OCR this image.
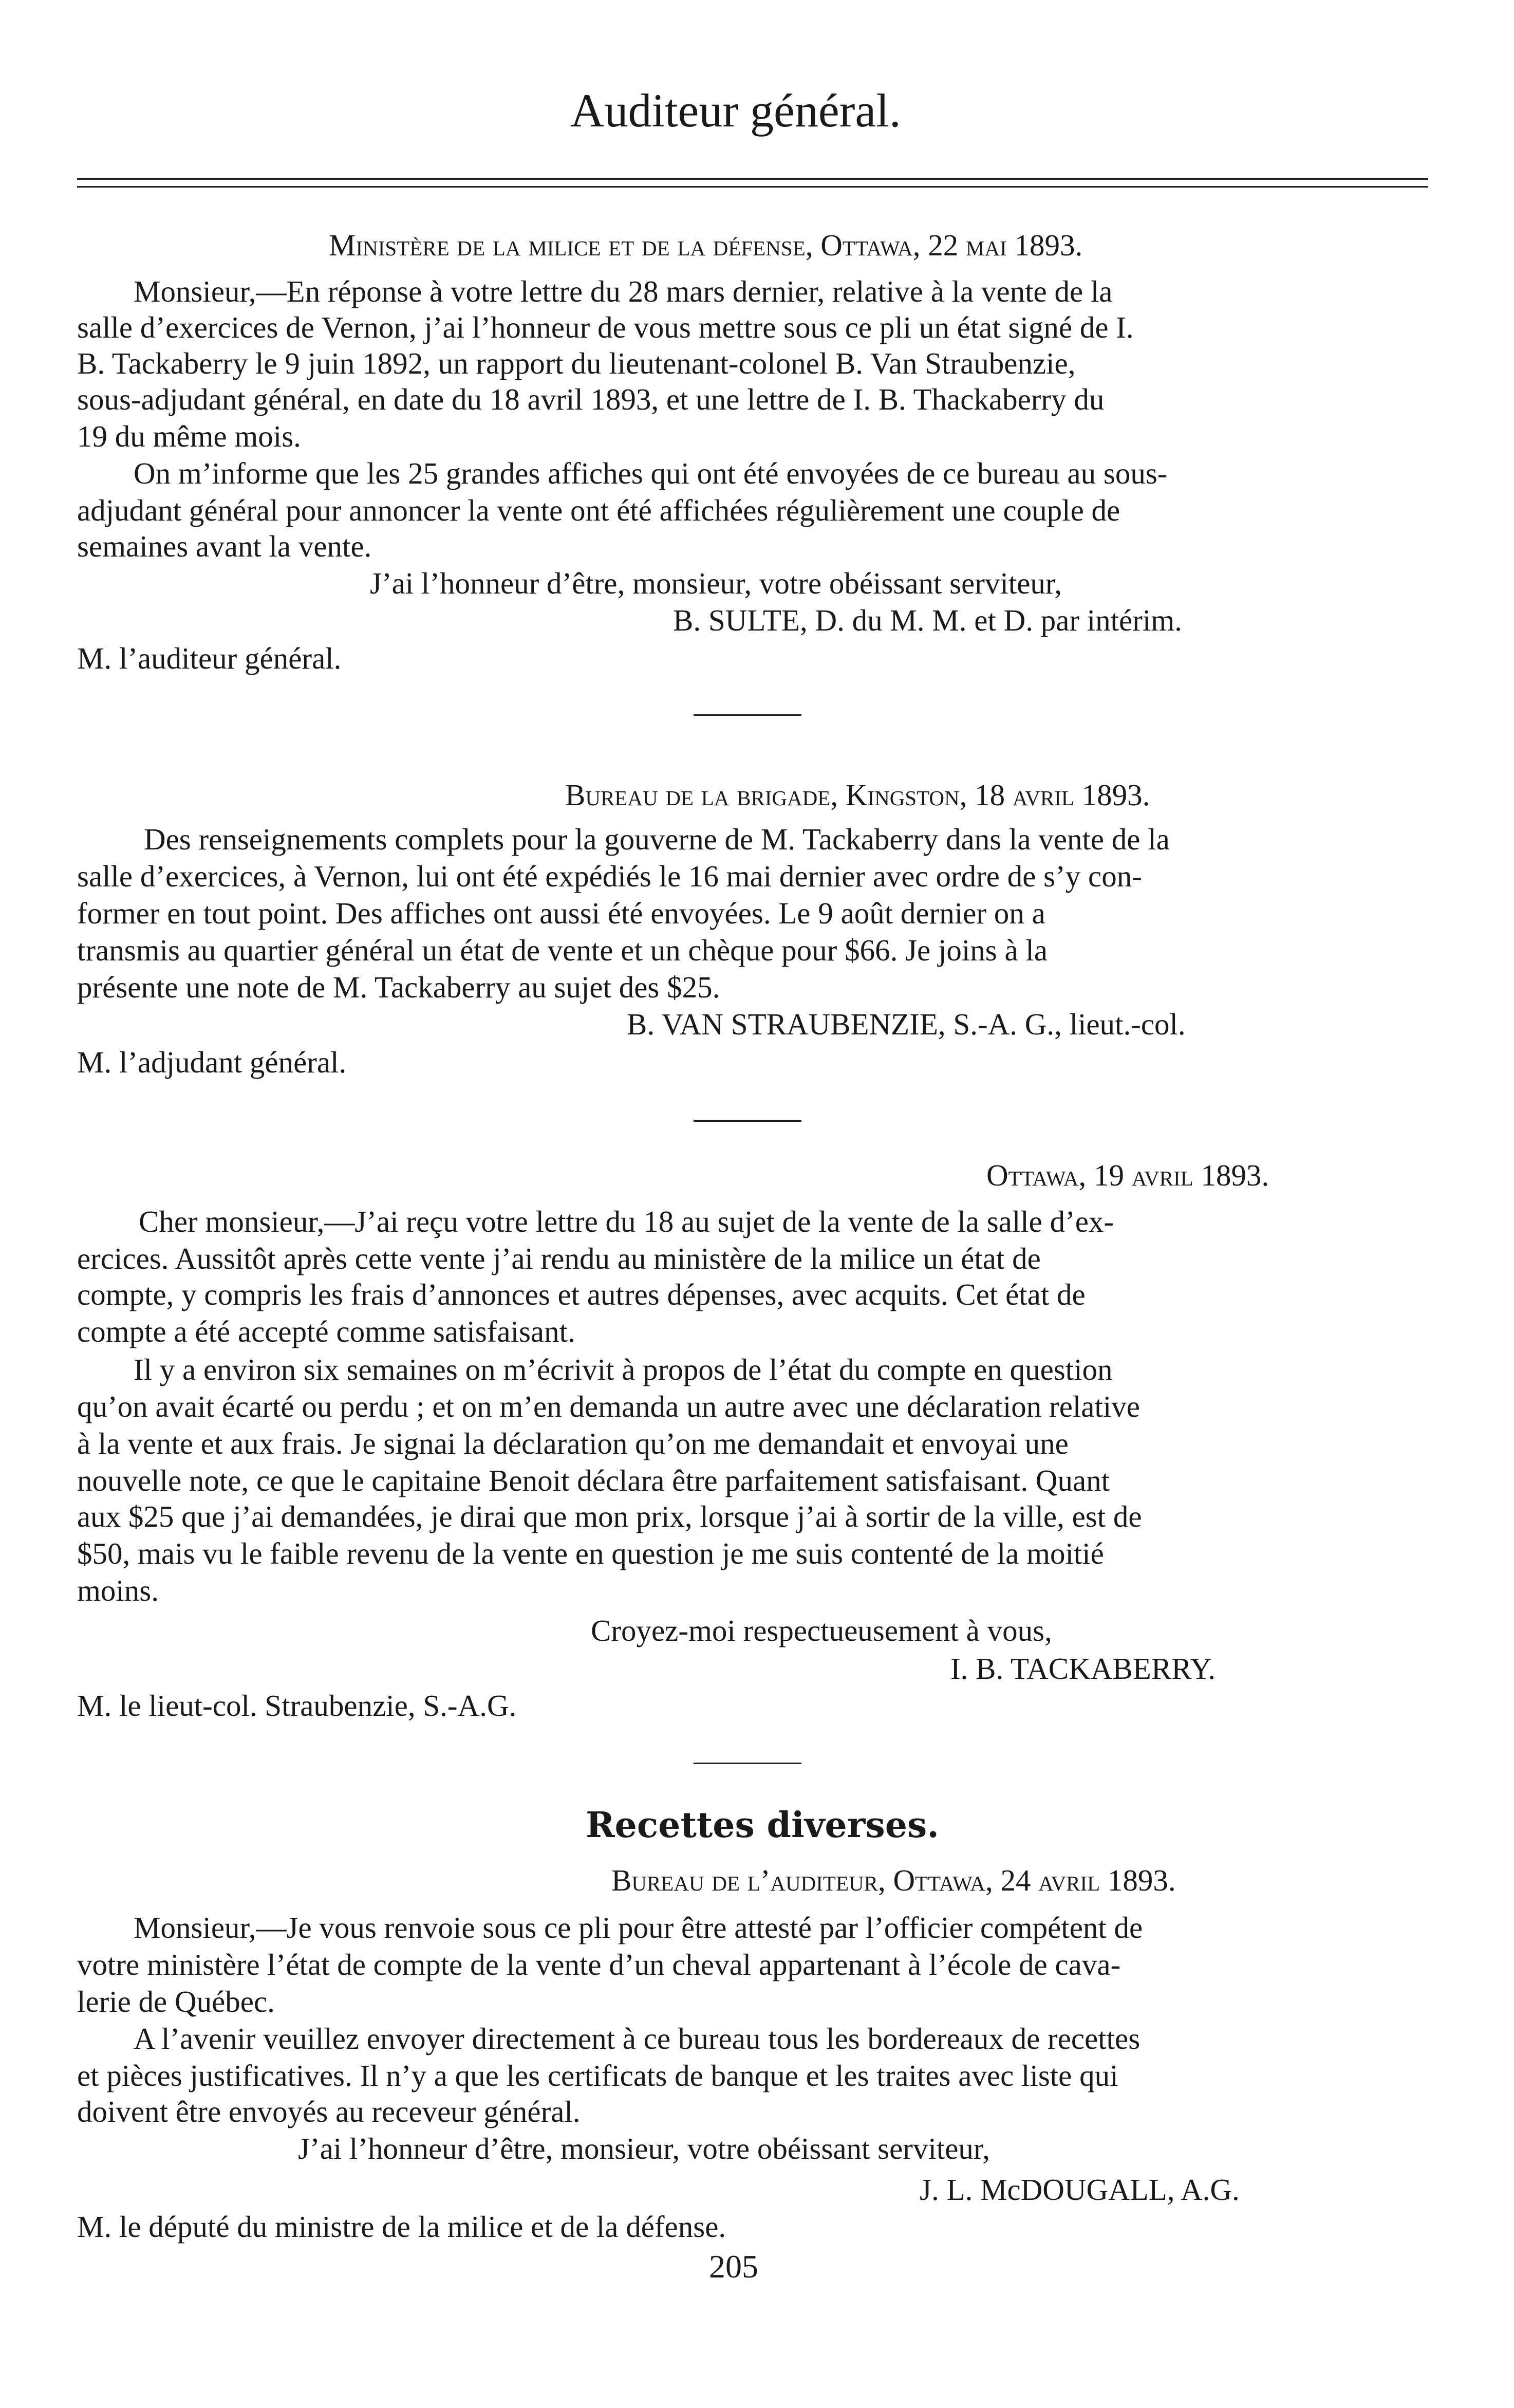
Auditeur général.
Ministère de la milice et de la défense, Ottawa, 22 mai 1893.
Monsieur,—En réponse à votre lettre du 28 mars dernier, relative à la vente de la
salle d’exercices de Vernon, j’ai l’honneur de vous mettre sous ce pli un état signé de I.
B. Tackaberry le 9 juin 1892, un rapport du lieutenant-colonel B. Van Straubenzie,
sous-adjudant général, en date du 18 avril 1893, et une lettre de I. B. Thackaberry du
19 du même mois.
On m’informe que les 25 grandes affiches qui ont été envoyées de ce bureau au sous-
adjudant général pour annoncer la vente ont été affichées régulièrement une couple de
semaines avant la vente.
J’ai l’honneur d’être, monsieur, votre obéissant serviteur,
B. SULTE, D. du M. M. et D. par intérim.
M. l’auditeur général.
Bureau de la brigade, Kingston, 18 avril 1893.
Des renseignements complets pour la gouverne de M. Tackaberry dans la vente de la
salle d’exercices, à Vernon, lui ont été expédiés le 16 mai dernier avec ordre de s’y con-
former en tout point. Des affiches ont aussi été envoyées. Le 9 août dernier on a
transmis au quartier général un état de vente et un chèque pour $66. Je joins à la
présente une note de M. Tackaberry au sujet des $25.
B. VAN STRAUBENZIE, S.-A. G., lieut.-col.
M. l’adjudant général.
Ottawa, 19 avril 1893.
Cher monsieur,—J’ai reçu votre lettre du 18 au sujet de la vente de la salle d’ex-
ercices. Aussitôt après cette vente j’ai rendu au ministère de la milice un état de
compte, y compris les frais d’annonces et autres dépenses, avec acquits. Cet état de
compte a été accepté comme satisfaisant.
Il y a environ six semaines on m’écrivit à propos de l’état du compte en question
qu’on avait écarté ou perdu ; et on m’en demanda un autre avec une déclaration relative
à la vente et aux frais. Je signai la déclaration qu’on me demandait et envoyai une
nouvelle note, ce que le capitaine Benoit déclara être parfaitement satisfaisant. Quant
aux $25 que j’ai demandées, je dirai que mon prix, lorsque j’ai à sortir de la ville, est de
$50, mais vu le faible revenu de la vente en question je me suis contenté de la moitié
moins.
Croyez-moi respectueusement à vous,
I. B. TACKABERRY.
M. le lieut-col. Straubenzie, S.-A.G.
Recettes diverses.
Bureau de l’auditeur, Ottawa, 24 avril 1893.
Monsieur,—Je vous renvoie sous ce pli pour être attesté par l’officier compétent de
votre ministère l’état de compte de la vente d’un cheval appartenant à l’école de cava-
lerie de Québec.
A l’avenir veuillez envoyer directement à ce bureau tous les bordereaux de recettes
et pièces justificatives. Il n’y a que les certificats de banque et les traites avec liste qui
doivent être envoyés au receveur général.
J’ai l’honneur d’être, monsieur, votre obéissant serviteur,
J. L. McDOUGALL, A.G.
M. le député du ministre de la milice et de la défense.
205
